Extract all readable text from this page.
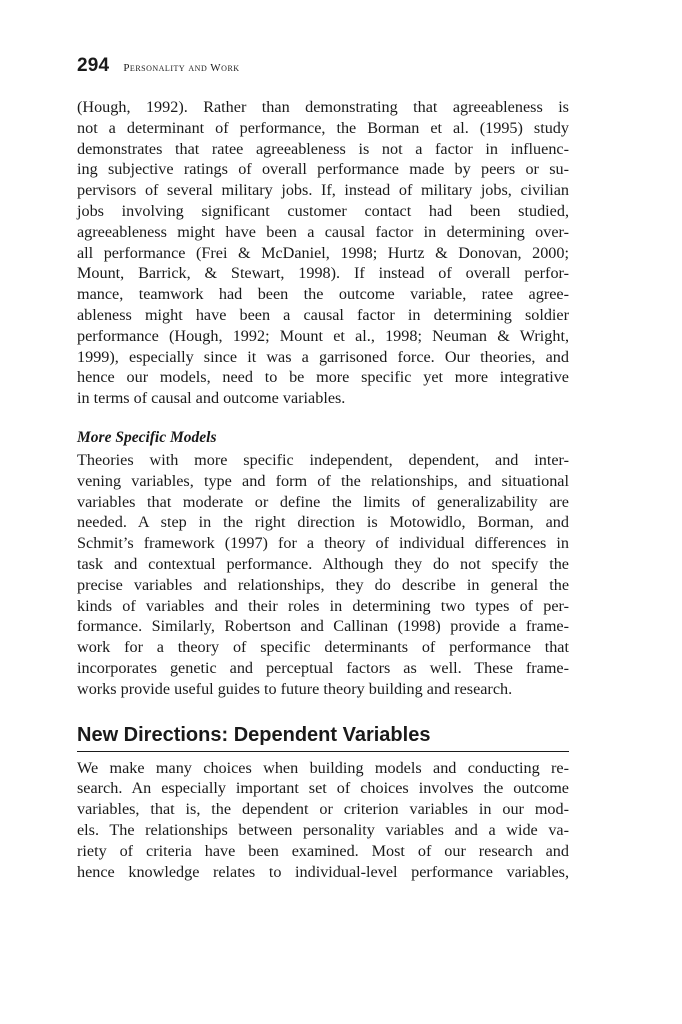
294 Personality and Work

(Hough, 1992). Rather than demonstrating that agreeableness is
not a determinant of performance, the Borman et al. (1995) study
demonstrates that ratee agreeableness is not a factor in influenc-
ing subjective ratings of overall performance made by peers or su-
pervisors of several military jobs. If, instead of military jobs, civilian
jobs involving significant customer contact had been studied,
agreeableness might have been a causal factor in determining over-
all performance (Frei & McDaniel, 1998; Hurtz & Donovan, 2000;
Mount, Barrick, & Stewart, 1998). If instead of overall perfor-
mance, teamwork had been the outcome variable, ratee agree-
ableness might have been a causal factor in determining soldier
performance (Hough, 1992; Mount et al., 1998; Neuman & Wright,
1999), especially since it was a garrisoned force. Our theories, and
hence our models, need to be more specific yet more integrative
in terms of causal and outcome variables.

More Specific Models

Theories with more specific independent, dependent, and inter-
vening variables, type and form of the relationships, and situational
variables that moderate or define the limits of generalizability are
needed. A step in the right direction is Motowidlo, Borman, and
Schmit’s framework (1997) for a theory of individual differences in
task and contextual performance. Although they do not specify the
precise variables and relationships, they do describe in general the
kinds of variables and their roles in determining two types of per-
formance. Similarly, Robertson and Callinan (1998) provide a frame-
work for a theory of specific determinants of performance that
incorporates genetic and perceptual factors as well. These frame-
works provide useful guides to future theory building and research.

New Directions: Dependent Variables

We make many choices when building models and conducting re-
search. An especially important set of choices involves the outcome
variables, that is, the dependent or criterion variables in our mod-
els. The relationships between personality variables and a wide va-
riety of criteria have been examined. Most of our research and
hence knowledge relates to individual-level performance variables,
